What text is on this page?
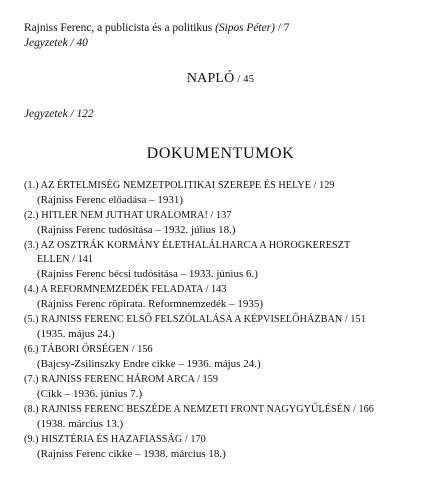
Rajniss Ferenc, a publicista és a politikus (Sipos Péter) / 7
Jegyzetek / 40
NAPLÓ / 45
Jegyzetek / 122
DOKUMENTUMOK
(1.) AZ ÉRTELMISÉG NEMZETPOLITIKAI SZEREPE ÉS HELYE / 129
(Rajniss Ferenc előadása – 1931)
(2.) HITLER NEM JUTHAT URALOMRA! / 137
(Rajniss Ferenc tudósítása – 1932. július 18.)
(3.) AZ OSZTRÁK KORMÁNY ÉLETHALÁLHARCA A HOROGKERESZT
ELLEN / 141
(Rajniss Ferenc bécsi tudósítása – 1933. június 6.)
(4.) A REFORMNEMZEDÉK FELADATA / 143
(Rajniss Ferenc röpirata. Reformnemzedék – 1935)
(5.) RAJNISS FERENC ELSŐ FELSZÓLALÁSA A KÉPVISELŐHÁZBAN / 151
(1935. május 24.)
(6.) TÁBORI ŐRSÉGEN / 156
(Bajcsy-Zsilinszky Endre cikke – 1936. május 24.)
(7.) RAJNISS FERENC HÁROM ARCA / 159
(Cikk – 1936. június 7.)
(8.) RAJNISS FERENC BESZÉDE A NEMZETI FRONT NAGYGYŰLÉSÉN / 166
(1938. március 13.)
(9.) HISZTÉRIA ÉS HAZAFIASSÁG / 170
(Rajniss Ferenc cikke – 1938. március 18.)
